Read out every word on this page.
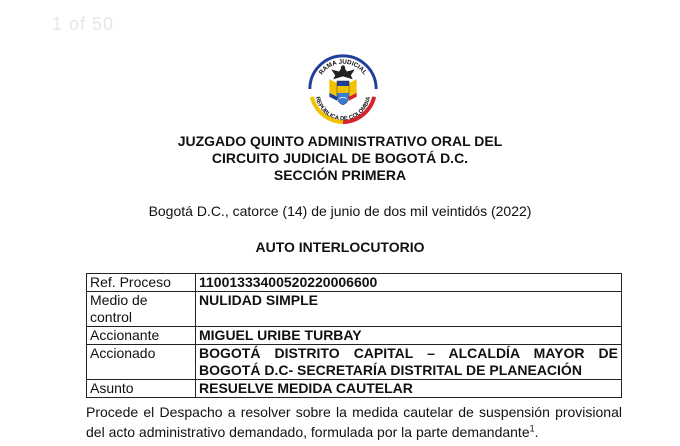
1 of 50
RAMA JUDICIAL
REPÚBLICA DE COLOMBIA
JUZGADO QUINTO ADMINISTRATIVO ORAL DEL
CIRCUITO JUDICIAL DE BOGOTÁ D.C.
SECCIÓN PRIMERA
Bogotá D.C., catorce (14) de junio de dos mil veintidós (2022)
AUTO INTERLOCUTORIO
Ref. Proceso	11001333400520220006600
Medio de control	NULIDAD SIMPLE
Accionante	MIGUEL URIBE TURBAY
Accionado	BOGOTÁ DISTRITO CAPITAL – ALCALDÍA MAYOR DE BOGOTÁ D.C- SECRETARÍA DISTRITAL DE PLANEACIÓN
Asunto	RESUELVE MEDIDA CAUTELAR
Procede el Despacho a resolver sobre la medida cautelar de suspensión provisional del acto administrativo demandado, formulada por la parte demandante$^1$.
